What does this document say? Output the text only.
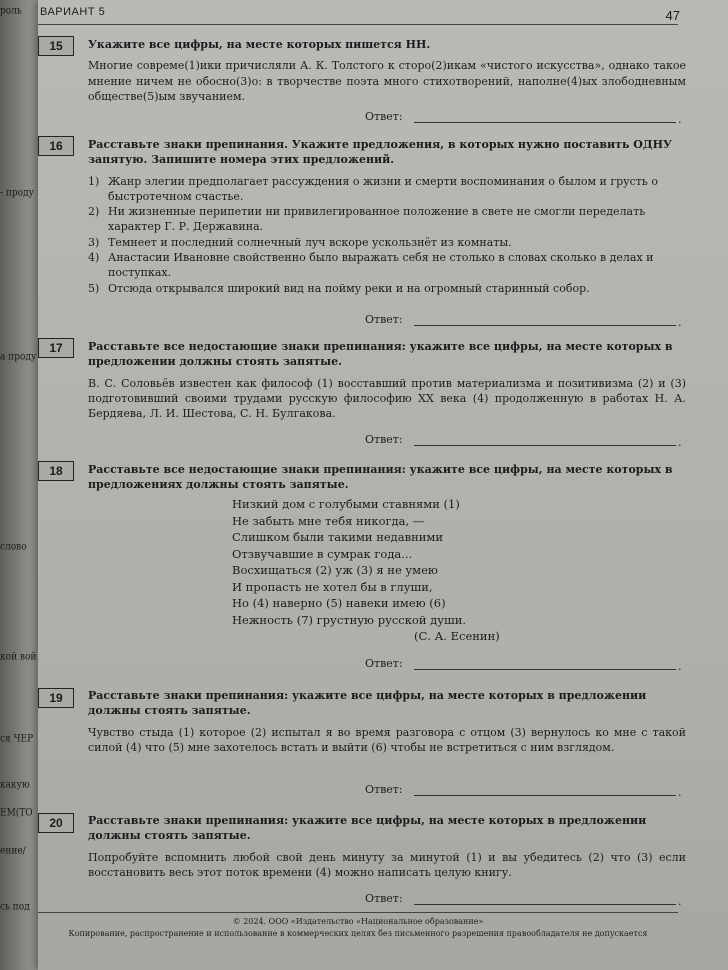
роль
- проду
а проду
слово
кой вой
ся ЧЕР
какую
ЕМ(ТО
ение/
сь под
ВАРИАНТ 5	47
15	Укажите все цифры, на месте которых пишется НН.

Многие совреме(1)ики причисляли А. К. Толстого к сторо(2)икам «чистого искусства», однако такое мнение ничем не обосно(3)о: в творчестве поэта много стихотворений, наполне(4)ых злободневным обществе(5)ым звучанием.

Ответ:	.
16	Расставьте знаки препинания. Укажите предложения, в которых нужно поставить ОДНУ запятую. Запишите номера этих предложений.

1) Жанр элегии предполагает рассуждения о жизни и смерти воспоминания о былом и грусть о быстротечном счастье.
2) Ни жизненные перипетии ни привилегированное положение в свете не смогли переделать характер Г. Р. Державина.
3) Темнеет и последний солнечный луч вскоре ускользнёт из комнаты.
4) Анастасии Ивановне свойственно было выражать себя не столько в словах сколько в делах и поступках.
5) Отсюда открывался широкий вид на пойму реки и на огромный старинный собор.
Ответ:	.
17	Расставьте все недостающие знаки препинания: укажите все цифры, на месте которых в предложении должны стоять запятые.

В. С. Соловьёв известен как философ (1) восставший против материализма и позитивизма (2) и (3) подготовивший своими трудами русскую философию XX века (4) продолженную в работах Н. А. Бердяева, Л. И. Шестова, С. Н. Булгакова.

Ответ:	.
18	Расставьте все недостающие знаки препинания: укажите все цифры, на месте которых в предложениях должны стоять запятые.

Низкий дом с голубыми ставнями (1)
Не забыть мне тебя никогда, —
Слишком были такими недавними
Отзвучавшие в сумрак года...
Восхищаться (2) уж (3) я не умею
И пропасть не хотел бы в глуши,
Но (4) наверно (5) навеки имею (6)
Нежность (7) грустную русской души.
(С. А. Есенин)
Ответ:	.
19	Расставьте знаки препинания: укажите все цифры, на месте которых в предложении должны стоять запятые.

Чувство стыда (1) которое (2) испытал я во время разговора с отцом (3) вернулось ко мне с такой силой (4) что (5) мне захотелось встать и выйти (6) чтобы не встретиться с ним взглядом.

Ответ:	.
20	Расставьте знаки препинания: укажите все цифры, на месте которых в предложении должны стоять запятые.

Попробуйте вспомнить любой свой день минуту за минутой (1) и вы убедитесь (2) что (3) если восстановить весь этот поток времени (4) можно написать целую книгу.

Ответ:	.
© 2024. ООО «Издательство «Национальное образование»
Копирование, распространение и использование в коммерческих целях без письменного разрешения правообладателя не допускается
